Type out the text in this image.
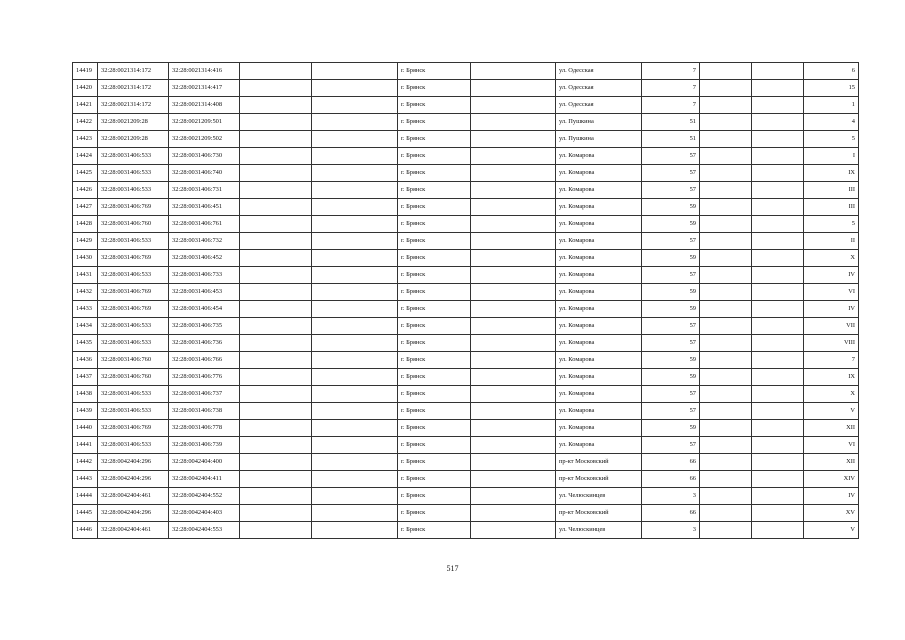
14419	32:28:0021314:172	32:28:0021314:416			г. Брянск		ул. Одесская	7			6
14420	32:28:0021314:172	32:28:0021314:417			г. Брянск		ул. Одесская	7			15
14421	32:28:0021314:172	32:28:0021314:408			г. Брянск		ул. Одесская	7			1
14422	32:28:0021209:28	32:28:0021209:501			г. Брянск		ул. Пушкина	51			4
14423	32:28:0021209:28	32:28:0021209:502			г. Брянск		ул. Пушкина	51			5
14424	32:28:0031406:533	32:28:0031406:730			г. Брянск		ул. Комарова	57			I
14425	32:28:0031406:533	32:28:0031406:740			г. Брянск		ул. Комарова	57			IX
14426	32:28:0031406:533	32:28:0031406:731			г. Брянск		ул. Комарова	57			III
14427	32:28:0031406:769	32:28:0031406:451			г. Брянск		ул. Комарова	59			III
14428	32:28:0031406:760	32:28:0031406:761			г. Брянск		ул. Комарова	59			5
14429	32:28:0031406:533	32:28:0031406:732			г. Брянск		ул. Комарова	57			II
14430	32:28:0031406:769	32:28:0031406:452			г. Брянск		ул. Комарова	59			X
14431	32:28:0031406:533	32:28:0031406:733			г. Брянск		ул. Комарова	57			IV
14432	32:28:0031406:769	32:28:0031406:453			г. Брянск		ул. Комарова	59			VI
14433	32:28:0031406:769	32:28:0031406:454			г. Брянск		ул. Комарова	59			IV
14434	32:28:0031406:533	32:28:0031406:735			г. Брянск		ул. Комарова	57			VII
14435	32:28:0031406:533	32:28:0031406:736			г. Брянск		ул. Комарова	57			VIII
14436	32:28:0031406:760	32:28:0031406:766			г. Брянск		ул. Комарова	59			7
14437	32:28:0031406:760	32:28:0031406:776			г. Брянск		ул. Комарова	59			IX
14438	32:28:0031406:533	32:28:0031406:737			г. Брянск		ул. Комарова	57			X
14439	32:28:0031406:533	32:28:0031406:738			г. Брянск		ул. Комарова	57			V
14440	32:28:0031406:769	32:28:0031406:778			г. Брянск		ул. Комарова	59			XII
14441	32:28:0031406:533	32:28:0031406:739			г. Брянск		ул. Комарова	57			VI
14442	32:28:0042404:296	32:28:0042404:400			г. Брянск		пр-кт Московский	66			XII
14443	32:28:0042404:296	32:28:0042404:411			г. Брянск		пр-кт Московский	66			XIV
14444	32:28:0042404:461	32:28:0042404:552			г. Брянск		ул. Челюскинцев	3			IV
14445	32:28:0042404:296	32:28:0042404:403			г. Брянск		пр-кт Московский	66			XV
14446	32:28:0042404:461	32:28:0042404:553			г. Брянск		ул. Челюскинцев	3			V
517
